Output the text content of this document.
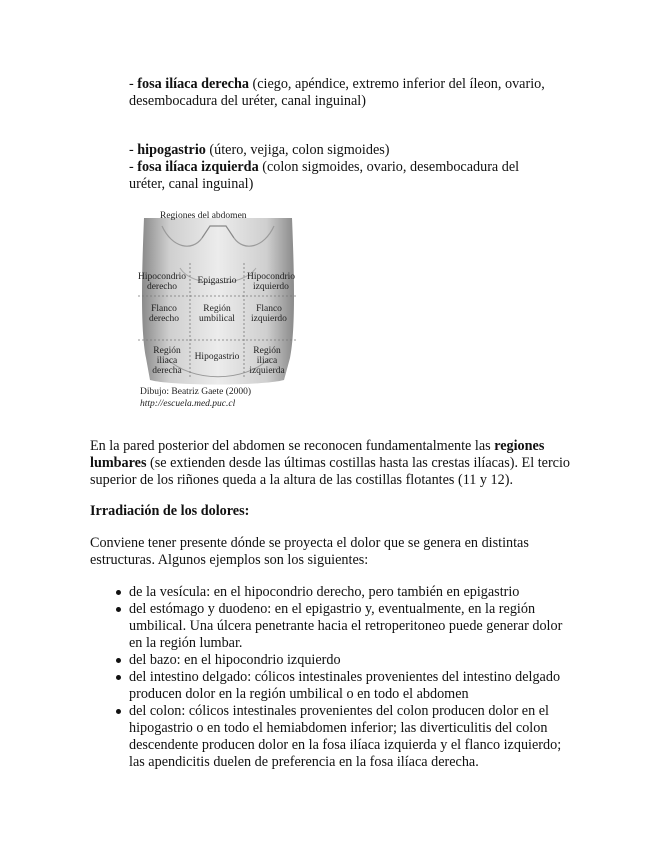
- fosa ilíaca derecha (ciego, apéndice, extremo inferior del íleon, ovario, desembocadura del uréter, canal inguinal)
- hipogastrio (útero, vejiga, colon sigmoides)
- fosa ilíaca izquierda (colon sigmoides, ovario, desembocadura del uréter, canal inguinal)
Regiones del abdomen
Hipocondrio derecho
Epigastrio	Hipocondrio izquierdo
Flanco derecho
Región umbilical
Flanco izquierdo
Región iliaca derecha
Hipogastrio
Región iliaca izquierda
Dibujo: Beatriz Gaete (2000)
http://escuela.med.puc.cl
En la pared posterior del abdomen se reconocen fundamentalmente las regiones lumbares (se extienden desde las últimas costillas hasta las crestas ilíacas). El tercio superior de los riñones queda a la altura de las costillas flotantes (11 y 12).
Irradiación de los dolores:
Conviene tener presente dónde se proyecta el dolor que se genera en distintas estructuras. Algunos ejemplos son los siguientes:
de la vesícula: en el hipocondrio derecho, pero también en epigastrio
del estómago y duodeno: en el epigastrio y, eventualmente, en la región umbilical. Una úlcera penetrante hacia el retroperitoneo puede generar dolor en la región lumbar.
del bazo: en el hipocondrio izquierdo
del intestino delgado: cólicos intestinales provenientes del intestino delgado producen dolor en la región umbilical o en todo el abdomen
del colon: cólicos intestinales provenientes del colon producen dolor en el hipogastrio o en todo el hemiabdomen inferior; las diverticulitis del colon descendente producen dolor en la fosa ilíaca izquierda y el flanco izquierdo; las apendicitis duelen de preferencia en la fosa ilíaca derecha.
